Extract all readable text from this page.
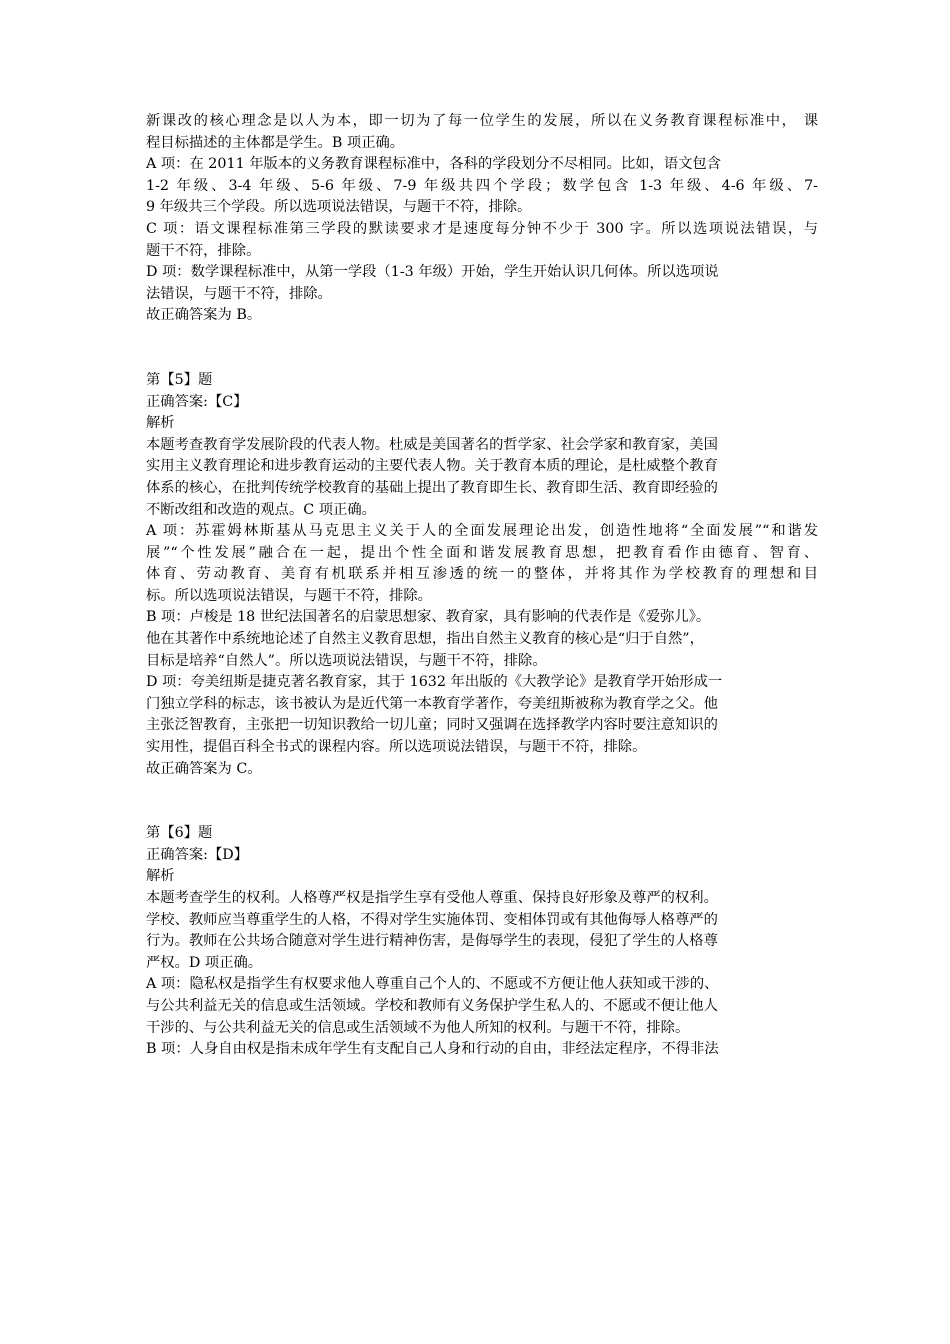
新课改的核心理念是以人为本，即一切为了每一位学生的发展，所以在义务教育课程标准中， 课

程目标描述的主体都是学生。B 项正确。

A 项：在 2011 年版本的义务教育课程标准中，各科的学段划分不尽相同。比如，语文包含

1-2 年级、3-4 年级、5-6 年级、7-9 年级共四个学段；数学包含 1-3 年级、4-6 年级、7-

9 年级共三个学段。所以选项说法错误，与题干不符，排除。

C 项：语文课程标准第三学段的默读要求才是速度每分钟不少于 300 字。所以选项说法错误，与

题干不符，排除。

D 项：数学课程标准中，从第一学段（1-3 年级）开始，学生开始认识几何体。所以选项说

法错误，与题干不符，排除。

故正确答案为 B。

第【5】题

正确答案:【C】

解析

本题考查教育学发展阶段的代表人物。杜威是美国著名的哲学家、社会学家和教育家，美国

实用主义教育理论和进步教育运动的主要代表人物。关于教育本质的理论，是杜威整个教育

体系的核心，在批判传统学校教育的基础上提出了教育即生长、教育即生活、教育即经验的

不断改组和改造的观点。C 项正确。

A 项：苏霍姆林斯基从马克思主义关于人的全面发展理论出发，创造性地将“全面发展”“和谐发

展”“个性发展”融合在一起，提出个性全面和谐发展教育思想，把教育看作由德育、智育、

体育、劳动教育、美育有机联系并相互渗透的统一的整体，并将其作为学校教育的理想和目

标。所以选项说法错误，与题干不符，排除。

B 项：卢梭是 18 世纪法国著名的启蒙思想家、教育家，具有影响的代表作是《爱弥儿》。

他在其著作中系统地论述了自然主义教育思想，指出自然主义教育的核心是“归于自然”，

目标是培养“自然人”。所以选项说法错误，与题干不符，排除。

D 项：夸美纽斯是捷克著名教育家，其于 1632 年出版的《大教学论》是教育学开始形成一

门独立学科的标志，该书被认为是近代第一本教育学著作，夸美纽斯被称为教育学之父。他

主张泛智教育，主张把一切知识教给一切儿童；同时又强调在选择教学内容时要注意知识的

实用性，提倡百科全书式的课程内容。所以选项说法错误，与题干不符，排除。

故正确答案为 C。

第【6】题

正确答案:【D】

解析

本题考查学生的权利。人格尊严权是指学生享有受他人尊重、保持良好形象及尊严的权利。

学校、教师应当尊重学生的人格，不得对学生实施体罚、变相体罚或有其他侮辱人格尊严的

行为。教师在公共场合随意对学生进行精神伤害，是侮辱学生的表现，侵犯了学生的人格尊

严权。D 项正确。

A 项：隐私权是指学生有权要求他人尊重自己个人的、不愿或不方便让他人获知或干涉的、

与公共利益无关的信息或生活领域。学校和教师有义务保护学生私人的、不愿或不便让他人

干涉的、与公共利益无关的信息或生活领域不为他人所知的权利。与题干不符，排除。

B 项：人身自由权是指未成年学生有支配自己人身和行动的自由，非经法定程序，不得非法
